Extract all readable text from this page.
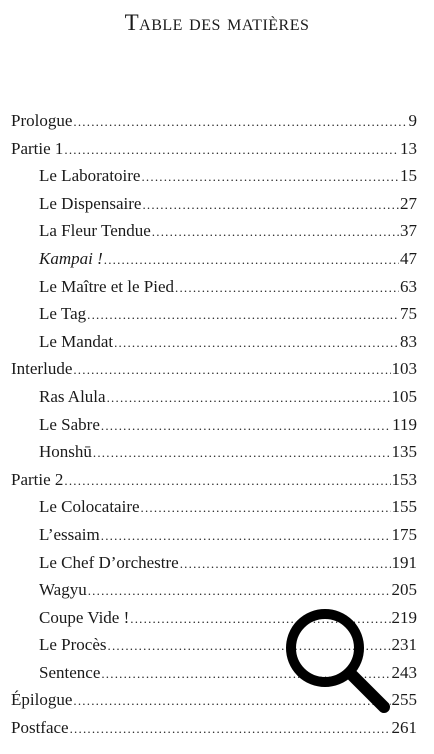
Table des matières
Prologue .....	9
Partie 1 .....	13
Le Laboratoire .....	15
Le Dispensaire .....	27
La Fleur Tendue .....	37
Kampai ! .....	47
Le Maître et le Pied .....	63
Le Tag .....	75
Le Mandat .....	83
Interlude .....	103
Ras Alula .....	105
Le Sabre .....	119
Honshū .....	135
Partie 2 .....	153
Le Colocataire .....	155
L’essaim .....	175
Le Chef D’orchestre .....	191
Wagyu .....	205
Coupe Vide ! .....	219
Le Procès .....	231
Sentence .....	243
Épilogue .....	255
Postface .....	261
